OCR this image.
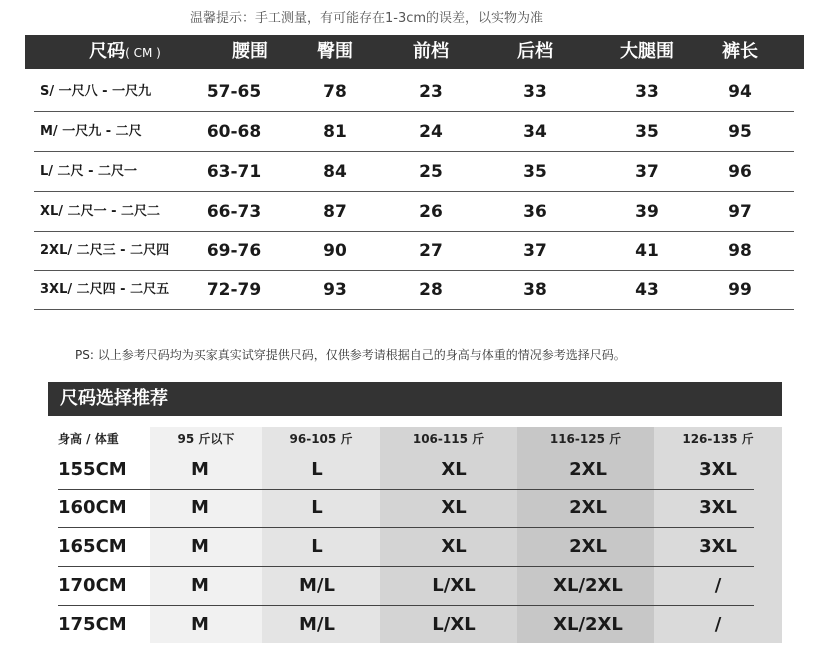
温馨提示：手工测量，有可能存在1-3cm的误差，以实物为准
尺码( CM )	腰围	臀围	前档	后档	大腿围	裤长
S/ 一尺八 - 一尺九	57-65	78	23	33	33	94
M/ 一尺九 - 二尺	60-68	81	24	34	35	95
L/ 二尺 - 二尺一	63-71	84	25	35	37	96
XL/ 二尺一 - 二尺二	66-73	87	26	36	39	97
2XL/ 二尺三 - 二尺四	69-76	90	27	37	41	98
3XL/ 二尺四 - 二尺五	72-79	93	28	38	43	99
PS: 以上参考尺码均为买家真实试穿提供尺码，仅供参考请根据自己的身高与体重的情况参考选择尺码。
尺码选择推荐
身高 / 体重	95 斤以下	96-105 斤	106-115 斤	116-125 斤	126-135 斤
155CM	M	L	XL	2XL	3XL
160CM	M	L	XL	2XL	3XL
165CM	M	L	XL	2XL	3XL
170CM	M	M/L	L/XL	XL/2XL	/
175CM	M	M/L	L/XL	XL/2XL	/
